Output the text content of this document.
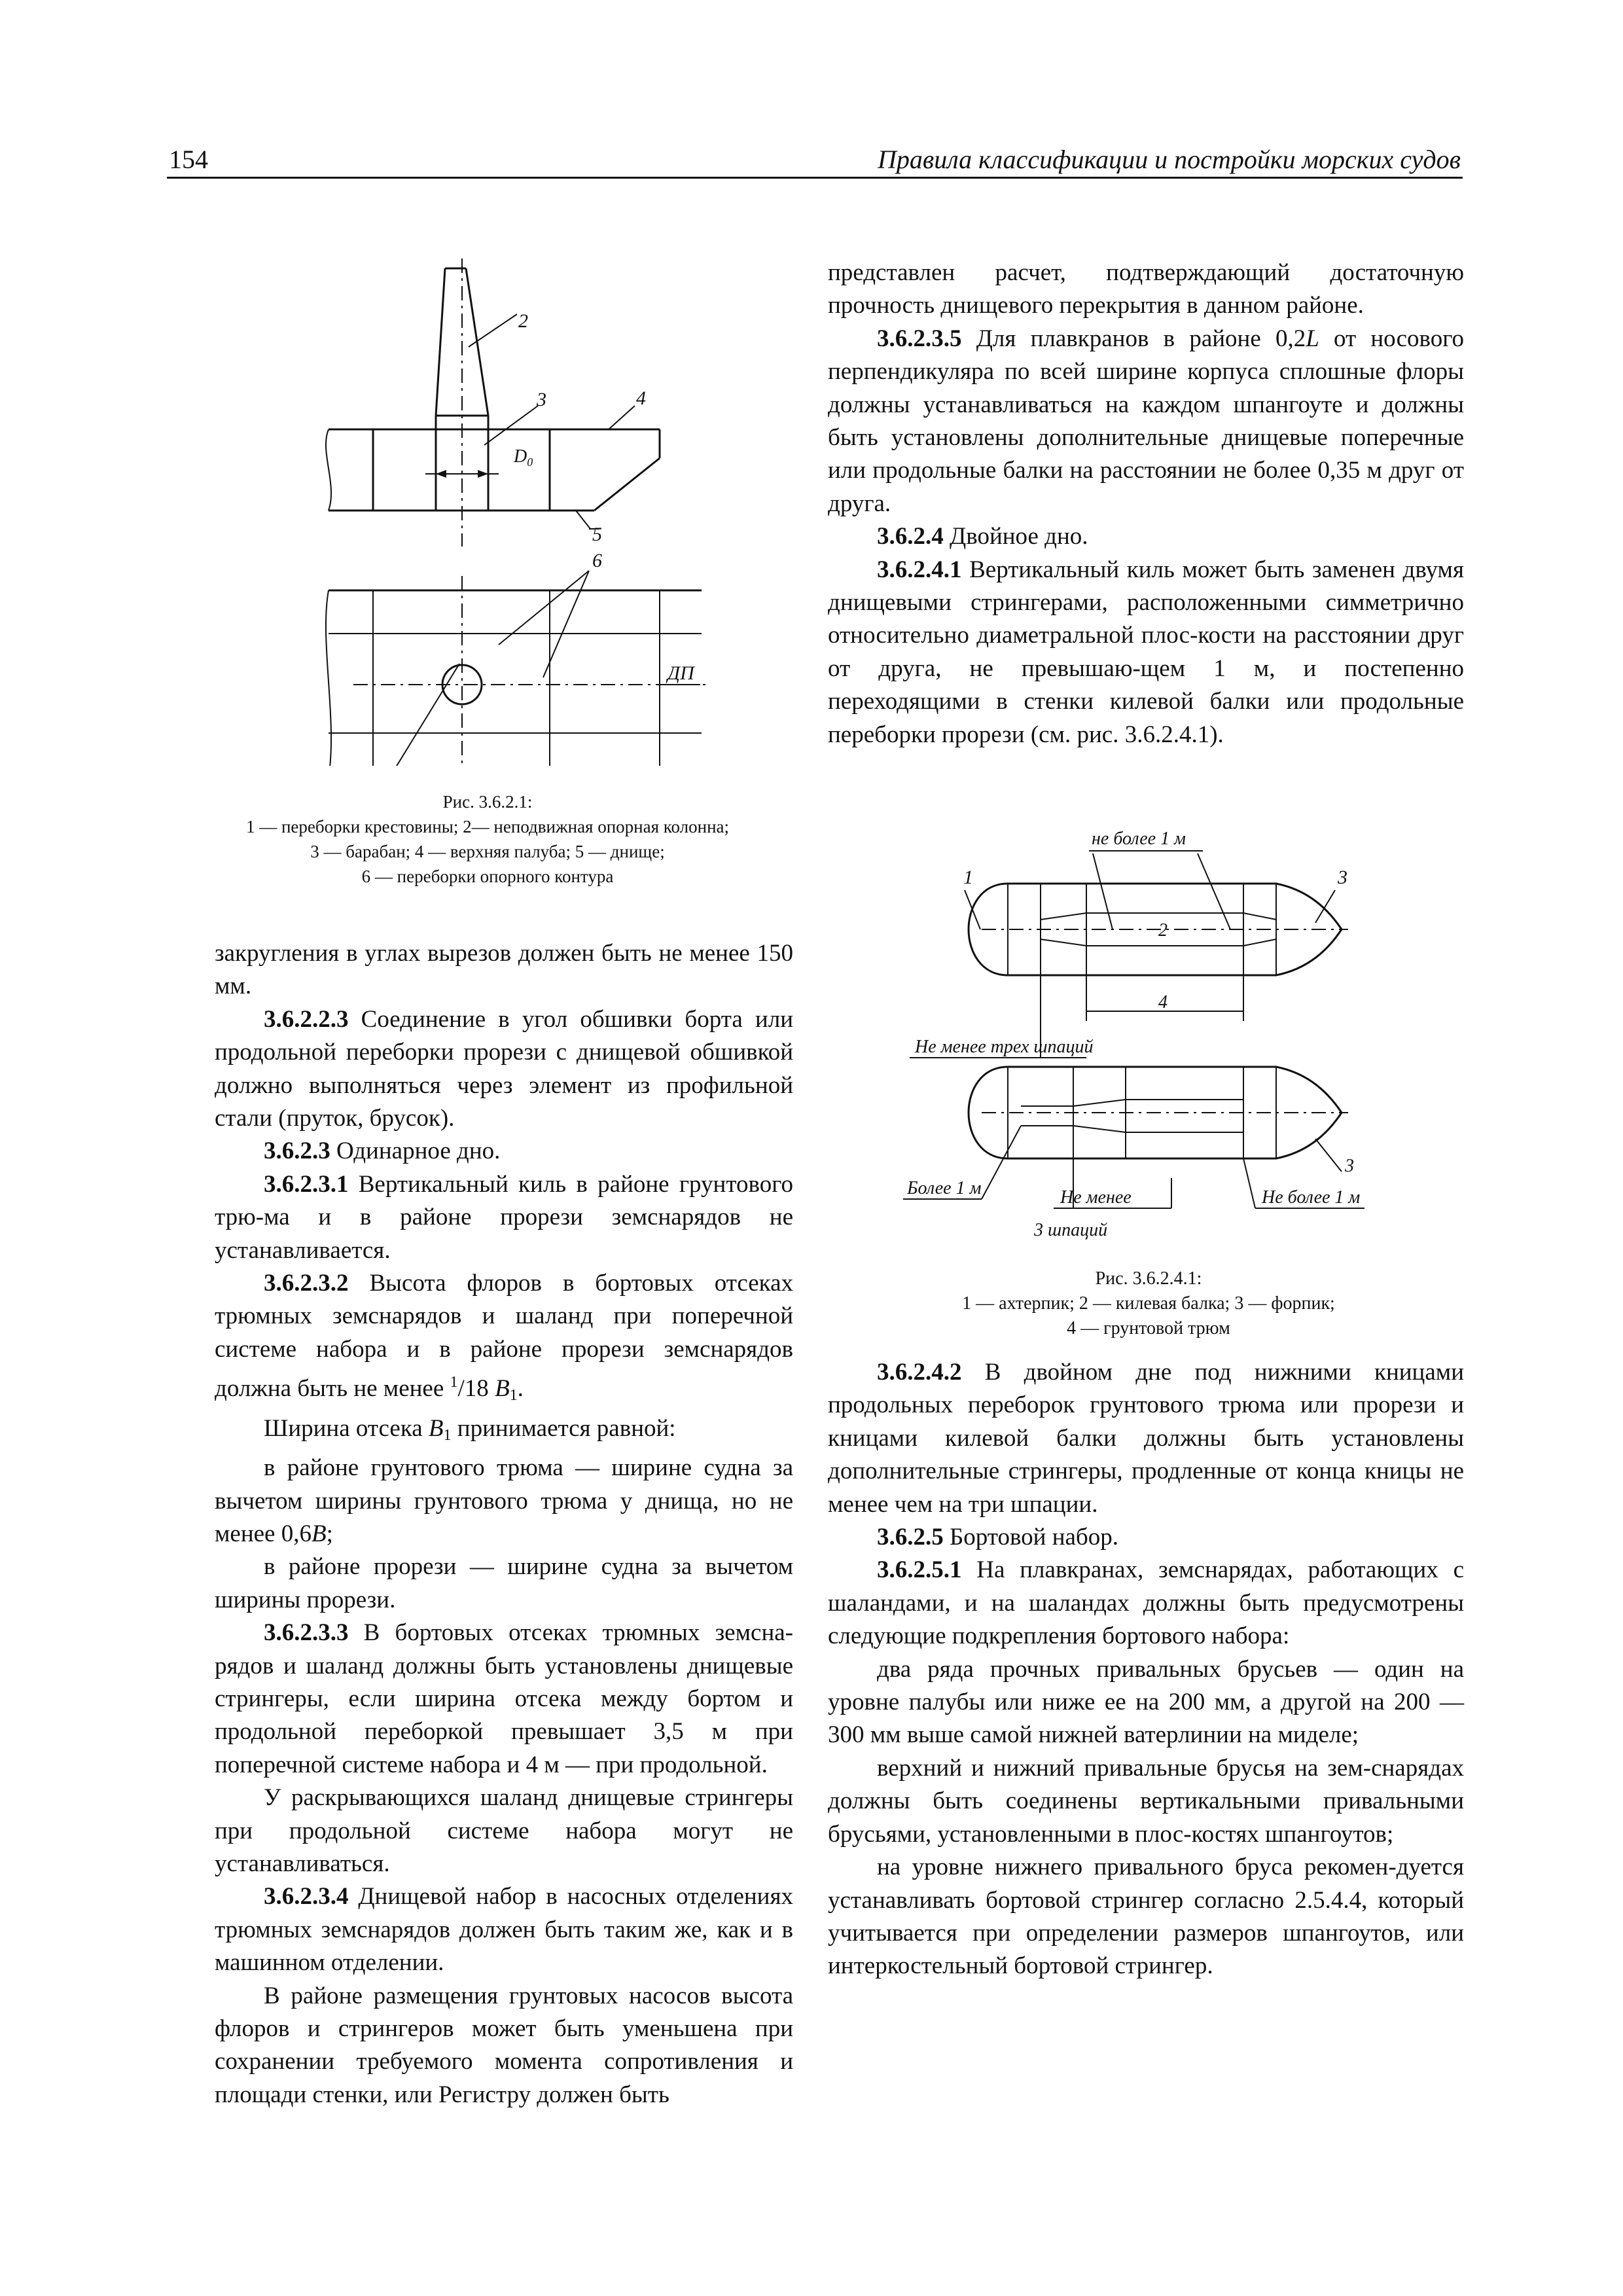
154	Правила классификации и постройки морских судов
$D_0$
2
3	4
5
6
ДП
Рис. 3.6.2.1:
1 — переборки крестовины; 2— неподвижная опорная колонна;
3 — барабан; 4 — верхняя палуба; 5 — днище;
6 — переборки опорного контура

закругления в углах вырезов должен быть не менее 150 мм.

3.6.2.2.3 Соединение в угол обшивки борта или продольной переборки прорези с днищевой обшивкой должно выполняться через элемент из профильной стали (пруток, брусок).

3.6.2.3 Одинарное дно.

3.6.2.3.1 Вертикальный киль в районе грунтового трю-ма и в районе прорези земснарядов не устанавливается.

3.6.2.3.2 Высота флоров в бортовых отсеках трюмных земснарядов и шаланд при поперечной системе набора и в районе прорези земснарядов должна быть не менее $^1$/18 $B_1$.

Ширина отсека $B_1$ принимается равной:

в районе грунтового трюма — ширине судна за вычетом ширины грунтового трюма у днища, но не менее 0,6B;

в районе прорези — ширине судна за вычетом ширины прорези.

3.6.2.3.3 В бортовых отсеках трюмных земсна-рядов и шаланд должны быть установлены днищевые стрингеры, если ширина отсека между бортом и продольной переборкой превышает 3,5 м при поперечной системе набора и 4 м — при продольной.

У раскрывающихся шаланд днищевые стрингеры при продольной системе набора могут не устанавливаться.

3.6.2.3.4 Днищевой набор в насосных отделениях трюмных земснарядов должен быть таким же, как и в машинном отделении.

В районе размещения грунтовых насосов высота флоров и стрингеров может быть уменьшена при сохранении требуемого момента сопротивления и площади стенки, или Регистру должен быть

представлен расчет, подтверждающий достаточную прочность днищевого перекрытия в данном районе.

3.6.2.3.5 Для плавкранов в районе 0,2L от носового перпендикуляра по всей ширине корпуса сплошные флоры должны устанавливаться на каждом шпангоуте и должны быть установлены дополнительные днищевые поперечные или продольные балки на расстоянии не более 0,35 м друг от друга.

3.6.2.4 Двойное дно.

3.6.2.4.1 Вертикальный киль может быть заменен двумя днищевыми стрингерами, расположенными симметрично относительно диаметральной плос-кости на расстоянии друг от друга, не превышаю-щем 1 м, и постепенно переходящими в стенки килевой балки или продольные переборки прорези (см. рис. 3.6.2.4.1).

не более 1 м
1	3
2
4
Не менее трех шпаций
Более 1 м	Не менее
3 шпаций
Не более 1 м
3
Рис. 3.6.2.4.1:
1 — ахтерпик; 2 — килевая балка; 3 — форпик;
4 — грунтовой трюм

3.6.2.4.2 В двойном дне под нижними кницами продольных переборок грунтового трюма или прорези и кницами килевой балки должны быть установлены дополнительные стрингеры, продленные от конца кницы не менее чем на три шпации.

3.6.2.5 Бортовой набор.

3.6.2.5.1 На плавкранах, земснарядах, работающих с шаландами, и на шаландах должны быть предусмотрены следующие подкрепления бортового набора:

два ряда прочных привальных брусьев — один на уровне палубы или ниже ее на 200 мм, а другой на 200 — 300 мм выше самой нижней ватерлинии на миделе;

верхний и нижний привальные брусья на зем-снарядах должны быть соединены вертикальными привальными брусьями, установленными в плос-костях шпангоутов;

на уровне нижнего привального бруса рекомен-дуется устанавливать бортовой стрингер согласно 2.5.4.4, который учитывается при определении размеров шпангоутов, или интеркостельный бортовой стрингер.
